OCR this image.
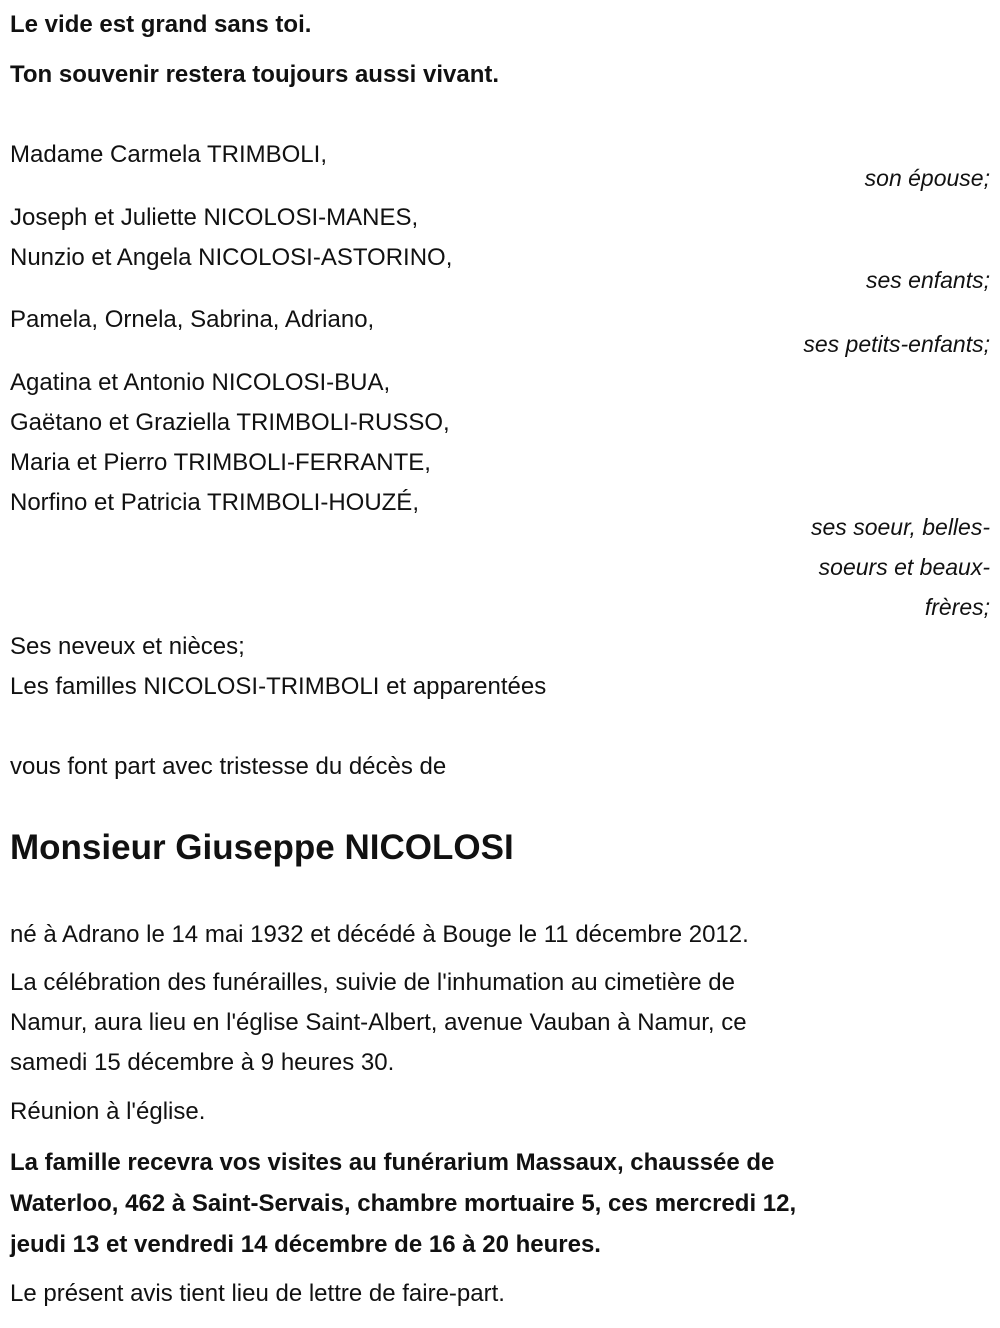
Le vide est grand sans toi.
Ton souvenir restera toujours aussi vivant.
Madame Carmela TRIMBOLI,
son épouse;
Joseph et Juliette NICOLOSI-MANES,
Nunzio et Angela NICOLOSI-ASTORINO,
ses enfants;
Pamela, Ornela, Sabrina, Adriano,
ses petits-enfants;
Agatina et Antonio NICOLOSI-BUA,
Gaëtano et Graziella TRIMBOLI-RUSSO,
Maria et Pierro TRIMBOLI-FERRANTE,
Norfino et Patricia TRIMBOLI-HOUZÉ,
ses soeur, belles-
soeurs et beaux-
frères;
Ses neveux et nièces;
Les familles NICOLOSI-TRIMBOLI et apparentées
vous font part avec tristesse du décès de
Monsieur Giuseppe NICOLOSI
né à Adrano le 14 mai 1932 et décédé à Bouge le 11 décembre 2012.
La célébration des funérailles, suivie de l'inhumation au cimetière de
Namur, aura lieu en l'église Saint-Albert, avenue Vauban à Namur, ce
samedi 15 décembre à 9 heures 30.
Réunion à l'église.
La famille recevra vos visites au funérarium Massaux, chaussée de
Waterloo, 462 à Saint-Servais, chambre mortuaire 5, ces mercredi 12,
jeudi 13 et vendredi 14 décembre de 16 à 20 heures.
Le présent avis tient lieu de lettre de faire-part.
